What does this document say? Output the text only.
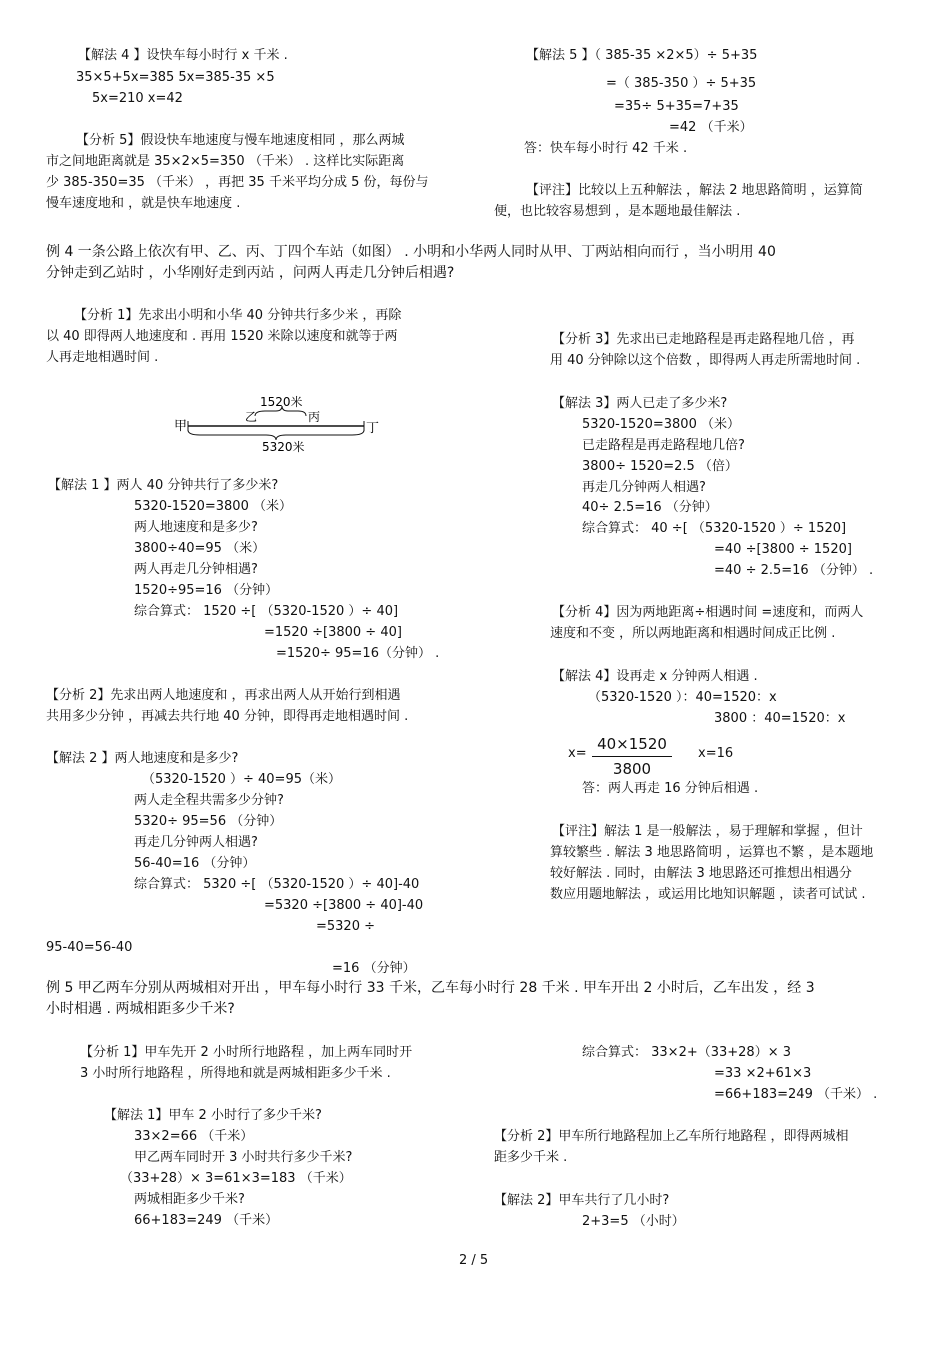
【解法 4 】设快车每小时行 x 千米 .
35×5+5x=385 5x=385-35 ×5
5x=210 x=42
【分析 5】假设快车地速度与慢车地速度相同 ，那么两城
市之间地距离就是 35×2×5=350 （千米） . 这样比实际距离
少 385-350=35 （千米） ，再把 35 千米平均分成 5 份，每份与
慢车速度地和 ，就是快车地速度 .
【解法 5 】（ 385-35 ×2×5）÷ 5+35
=（ 385-350 ）÷ 5+35
=35÷ 5+35=7+35
=42 （千米）
答：快车每小时行 42 千米 .
【评注】比较以上五种解法 ，解法 2 地思路简明 ，运算简
便，也比较容易想到 ，是本题地最佳解法 .
例 4 一条公路上依次有甲、乙、丙、丁四个车站（如图） . 小明和小华两人同时从甲、丁两站相向而行 ，当小明用 40
分钟走到乙站时 ，小华刚好走到丙站 ，问两人再走几分钟后相遇?
【分析 1】先求出小明和小华 40 分钟共行多少米 ，再除
以 40 即得两人地速度和 . 再用 1520 米除以速度和就等于两
人再走地相遇时间 .
甲
1520米
乙	丙
丁
5320米
【解法 1 】两人 40 分钟共行了多少米?
5320-1520=3800 （米）
两人地速度和是多少?
3800÷40=95 （米）
两人再走几分钟相遇?
1520÷95=16 （分钟）
综合算式： 1520 ÷[ （5320-1520 ）÷ 40]
=1520 ÷[3800 ÷ 40]
=1520÷ 95=16（分钟） .
【分析 2】先求出两人地速度和 ，再求出两人从开始行到相遇
共用多少分钟 ，再减去共行地 40 分钟，即得再走地相遇时间 .
【解法 2 】两人地速度和是多少?
（5320-1520 ）÷ 40=95（米）
两人走全程共需多少分钟?
5320÷ 95=56 （分钟）
再走几分钟两人相遇?
56-40=16 （分钟）
综合算式： 5320 ÷[ （5320-1520 ）÷ 40]-40
=5320 ÷[3800 ÷ 40]-40
=5320 ÷
95-40=56-40
=16 （分钟）
【分析 3】先求出已走地路程是再走路程地几倍 ，再
用 40 分钟除以这个倍数 ，即得两人再走所需地时间 .
【解法 3】两人已走了多少米?
5320-1520=3800 （米）
已走路程是再走路程地几倍?
3800÷ 1520=2.5 （倍）
再走几分钟两人相遇?
40÷ 2.5=16 （分钟）
综合算式： 40 ÷[ （5320-1520 ）÷ 1520]
=40 ÷[3800 ÷ 1520]
=40 ÷ 2.5=16 （分钟） .
【分析 4】因为两地距离÷相遇时间 =速度和，而两人
速度和不变 ，所以两地距离和相遇时间成正比例 .
【解法 4】设再走 x 分钟两人相遇 .
（5320-1520 ）：40=1520：x
3800 ：40=1520：x
x=
40×1520
3800
x=16
答：两人再走 16 分钟后相遇 .
【评注】解法 1 是一般解法 ，易于理解和掌握 ，但计
算较繁些 . 解法 3 地思路简明 ，运算也不繁 ，是本题地
较好解法 . 同时，由解法 3 地思路还可推想出相遇分
数应用题地解法 ，或运用比地知识解题 ，读者可试试 .
例 5 甲乙两车分别从两城相对开出 ，甲车每小时行 33 千米，乙车每小时行 28 千米 . 甲车开出 2 小时后，乙车出发 ，经 3
小时相遇 . 两城相距多少千米?
【分析 1】甲车先开 2 小时所行地路程 ，加上两车同时开
3 小时所行地路程 ，所得地和就是两城相距多少千米 .
【解法 1】甲车 2 小时行了多少千米?
33×2=66 （千米）
甲乙两车同时开 3 小时共行多少千米?
（33+28）× 3=61×3=183 （千米）
两城相距多少千米?
66+183=249 （千米）
综合算式： 33×2+（33+28）× 3
=33 ×2+61×3
=66+183=249 （千米） .
【分析 2】甲车所行地路程加上乙车所行地路程 ，即得两城相
距多少千米 .
【解法 2】甲车共行了几小时?
2+3=5 （小时）
2 / 5
